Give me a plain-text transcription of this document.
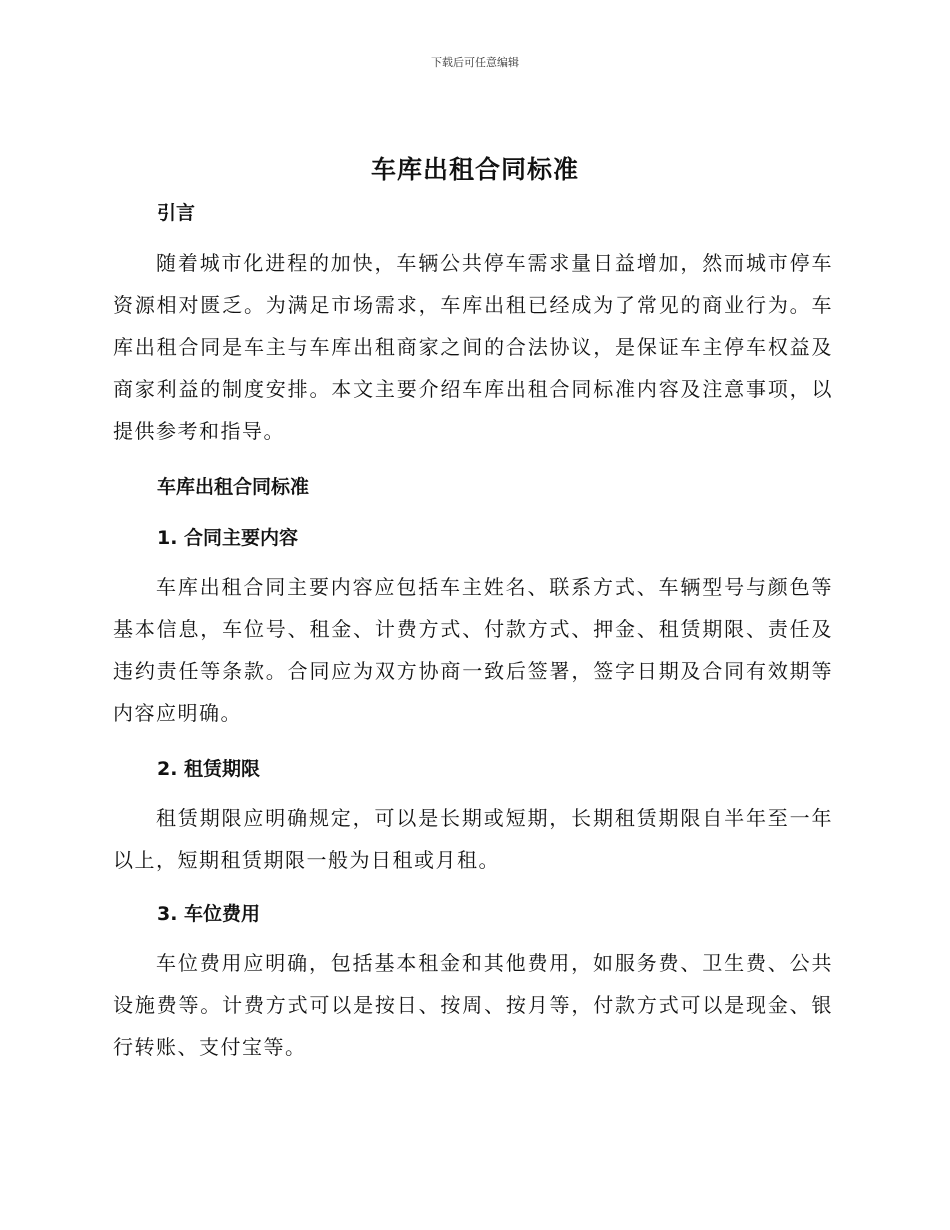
下载后可任意编辑
车库出租合同标准
引言
随着城市化进程的加快，车辆公共停车需求量日益增加，然而城市停车资源相对匮乏。为满足市场需求，车库出租已经成为了常见的商业行为。车库出租合同是车主与车库出租商家之间的合法协议，是保证车主停车权益及商家利益的制度安排。本文主要介绍车库出租合同标准内容及注意事项，以提供参考和指导。
车库出租合同标准
1. 合同主要内容
车库出租合同主要内容应包括车主姓名、联系方式、车辆型号与颜色等基本信息，车位号、租金、计费方式、付款方式、押金、租赁期限、责任及违约责任等条款。合同应为双方协商一致后签署，签字日期及合同有效期等内容应明确。
2. 租赁期限
租赁期限应明确规定，可以是长期或短期，长期租赁期限自半年至一年以上，短期租赁期限一般为日租或月租。
3. 车位费用
车位费用应明确，包括基本租金和其他费用，如服务费、卫生费、公共设施费等。计费方式可以是按日、按周、按月等，付款方式可以是现金、银行转账、支付宝等。
